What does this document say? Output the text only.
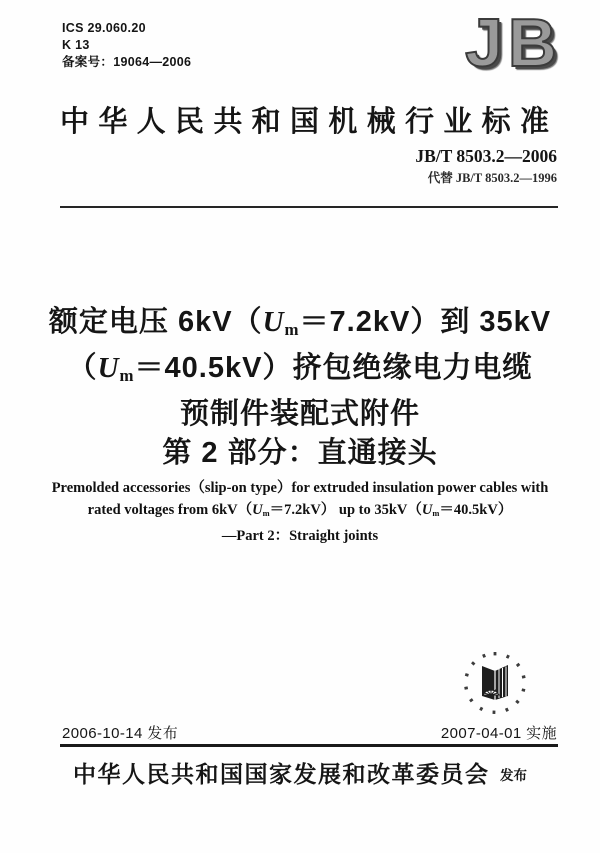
ICS 29.060.20
K 13
备案号：19064—2006	JB
中华人民共和国机械行业标准
JB/T 8503.2—2006
代替 JB/T 8503.2—1996
额定电压 6kV（Um＝7.2kV）到 35kV
（Um＝40.5kV）挤包绝缘电力电缆
预制件装配式附件
第 2 部分：直通接头
Premolded accessories（slip-on type）for extruded insulation power cables with
rated voltages from 6kV（Um＝7.2kV） up to 35kV（Um＝40.5kV）
—Part 2：Straight joints
2006-10-14 发布	2007-04-01 实施
中华人民共和国国家发展和改革委员会 发布
